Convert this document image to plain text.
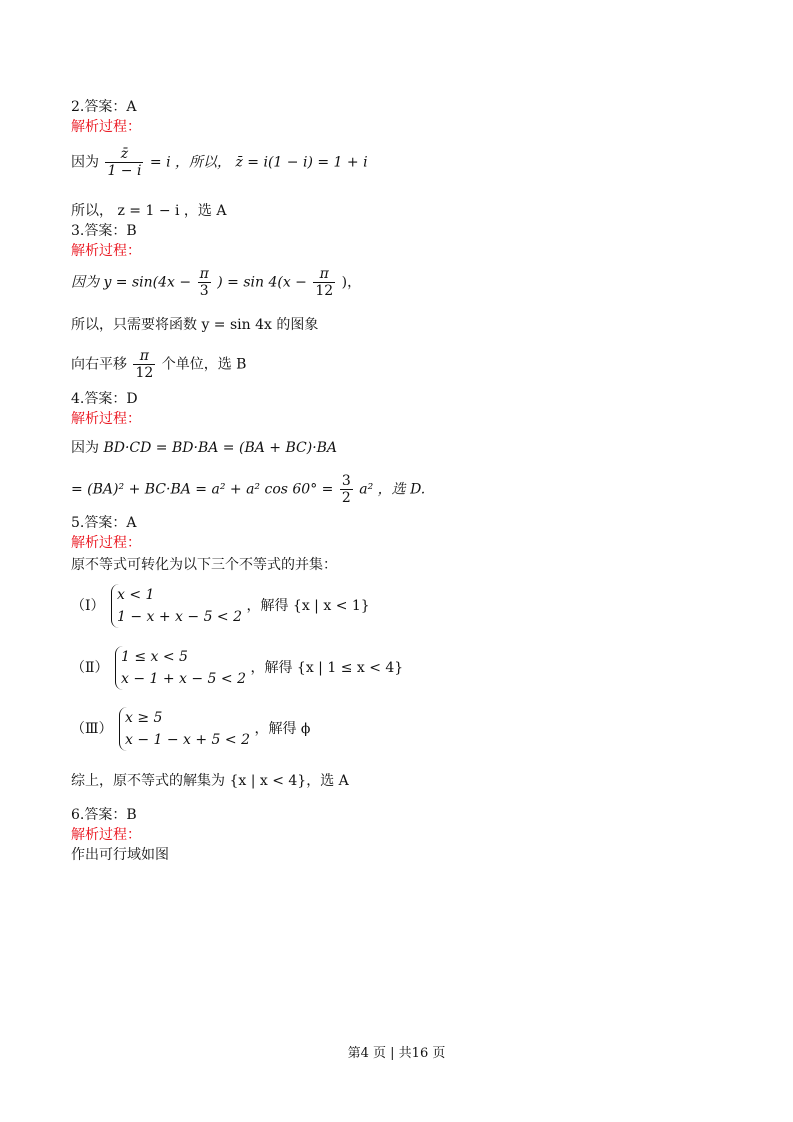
2.答案：A
解析过程：
因为 $\frac{z̄}{1 - i} = i$ ，所以， z̄ = i(1 − i) = 1 + i
所以， z = 1 − i ，选 A
3.答案：B
解析过程：
因为 $y = \sin(4x - \frac{\pi}{3}$ ) = $\sin 4(x - \frac{\pi}{12}$ )，
所以，只需要将函数 y = sin 4x 的图象
向右平移 $\frac{\pi}{12}$ 个单位，选 B
4.答案：D
解析过程：
因为 BD·CD = BD·BA = (BA + BC)·BA
= (BA)² + BC·BA = a² + a² $\cos 60^\circ = \frac{3}{2} a^2$ ，选 D.
5.答案：A
解析过程：
原不等式可转化为以下三个不等式的并集：
（Ⅰ）
x < 1
1 − x + x − 5 < 2
，解得 {x | x < 1}
（Ⅱ）
1 ≤ x < 5
x − 1 + x − 5 < 2
，解得 {x | 1 ≤ x < 4}
（Ⅲ）
x ≥ 5
x − 1 − x + 5 < 2
，解得 ϕ
综上，原不等式的解集为 {x | x < 4}，选 A
6.答案：B
解析过程：
作出可行域如图
第4 页 | 共16 页
